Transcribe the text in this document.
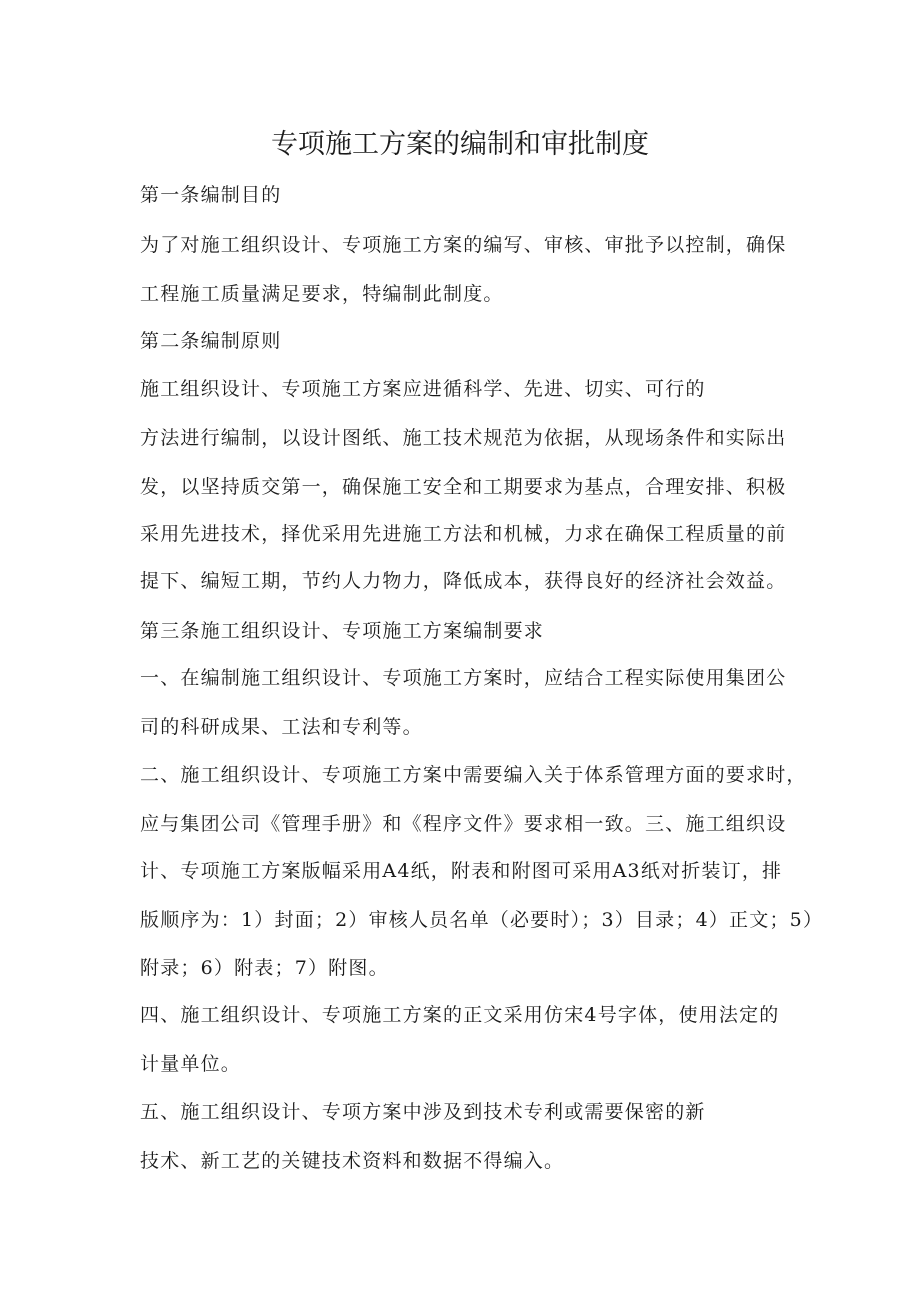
专项施工方案的编制和审批制度
第一条编制目的
为了对施工组织设计、专项施工方案的编写、审核、审批予以控制，确保
工程施工质量满足要求，特编制此制度。
第二条编制原则
施工组织设计、专项施工方案应进循科学、先进、切实、可行的
方法进行编制，以设计图纸、施工技术规范为依据，从现场条件和实际出
发，以坚持质交第一，确保施工安全和工期要求为基点，合理安排、积极
采用先进技术，择优采用先进施工方法和机械，力求在确保工程质量的前
提下、编短工期，节约人力物力，降低成本，获得良好的经济社会效益。
第三条施工组织设计、专项施工方案编制要求
一、在编制施工组织设计、专项施工方案时，应结合工程实际使用集团公
司的科研成果、工法和专利等。
二、施工组织设计、专项施工方案中需要编入关于体系管理方面的要求时，
应与集团公司《管理手册》和《程序文件》要求相一致。三、施工组织设
计、专项施工方案版幅采用A4纸，附表和附图可采用A3纸对折装订，排
版顺序为：1）封面；2）审核人员名单（必要时）；3）目录；4）正文；5）
附录；6）附表；7）附图。
四、施工组织设计、专项施工方案的正文采用仿宋4号字体，使用法定的
计量单位。
五、施工组织设计、专项方案中涉及到技术专利或需要保密的新
技术、新工艺的关键技术资料和数据不得编入。
